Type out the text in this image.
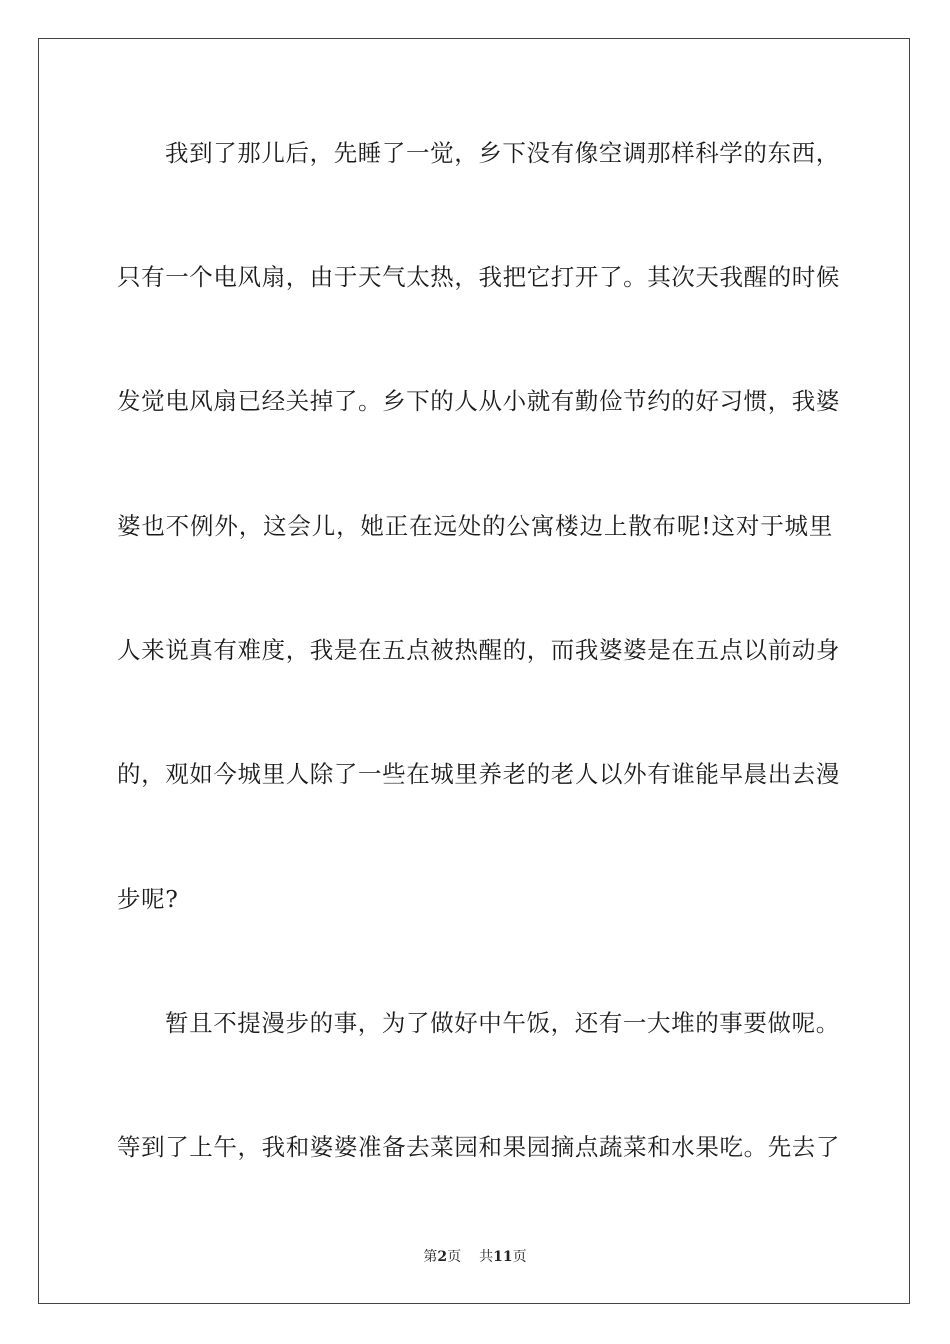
我到了那儿后，先睡了一觉，乡下没有像空调那样科学的东西，
只有一个电风扇，由于天气太热，我把它打开了。其次天我醒的时候
发觉电风扇已经关掉了。乡下的人从小就有勤俭节约的好习惯，我婆
婆也不例外，这会儿，她正在远处的公寓楼边上散布呢!这对于城里
人来说真有难度，我是在五点被热醒的，而我婆婆是在五点以前动身
的，观如今城里人除了一些在城里养老的老人以外有谁能早晨出去漫
步呢?
暂且不提漫步的事，为了做好中午饭，还有一大堆的事要做呢。
等到了上午，我和婆婆准备去菜园和果园摘点蔬菜和水果吃。先去了
第2页 共11页
